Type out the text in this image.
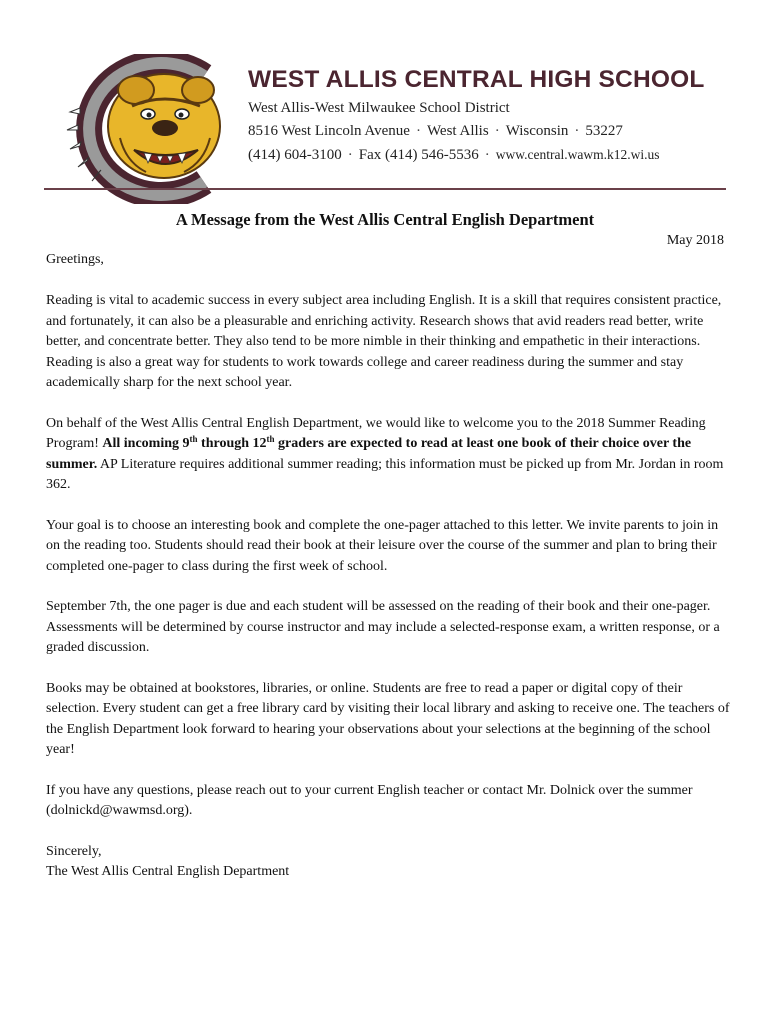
WEST ALLIS CENTRAL HIGH SCHOOL
West Allis-West Milwaukee School District
8516 West Lincoln Avenue · West Allis · Wisconsin · 53227
(414) 604-3100 · Fax (414) 546-5536 · www.central.wawm.k12.wi.us
A Message from the West Allis Central English Department
May 2018
Greetings,

Reading is vital to academic success in every subject area including English. It is a skill that requires consistent practice, and fortunately, it can also be a pleasurable and enriching activity. Research shows that avid readers read better, write better, and concentrate better. They also tend to be more nimble in their thinking and empathetic in their interactions. Reading is also a great way for students to work towards college and career readiness during the summer and stay academically sharp for the next school year.

On behalf of the West Allis Central English Department, we would like to welcome you to the 2018 Summer Reading Program! All incoming 9th through 12th graders are expected to read at least one book of their choice over the summer. AP Literature requires additional summer reading; this information must be picked up from Mr. Jordan in room 362.

Your goal is to choose an interesting book and complete the one-pager attached to this letter. We invite parents to join in on the reading too. Students should read their book at their leisure over the course of the summer and plan to bring their completed one-pager to class during the first week of school.

September 7th, the one pager is due and each student will be assessed on the reading of their book and their one-pager. Assessments will be determined by course instructor and may include a selected-response exam, a written response, or a graded discussion.

Books may be obtained at bookstores, libraries, or online. Students are free to read a paper or digital copy of their selection. Every student can get a free library card by visiting their local library and asking to receive one. The teachers of the English Department look forward to hearing your observations about your selections at the beginning of the school year!

If you have any questions, please reach out to your current English teacher or contact Mr. Dolnick over the summer (dolnickd@wawmsd.org).

Sincerely,
The West Allis Central English Department
